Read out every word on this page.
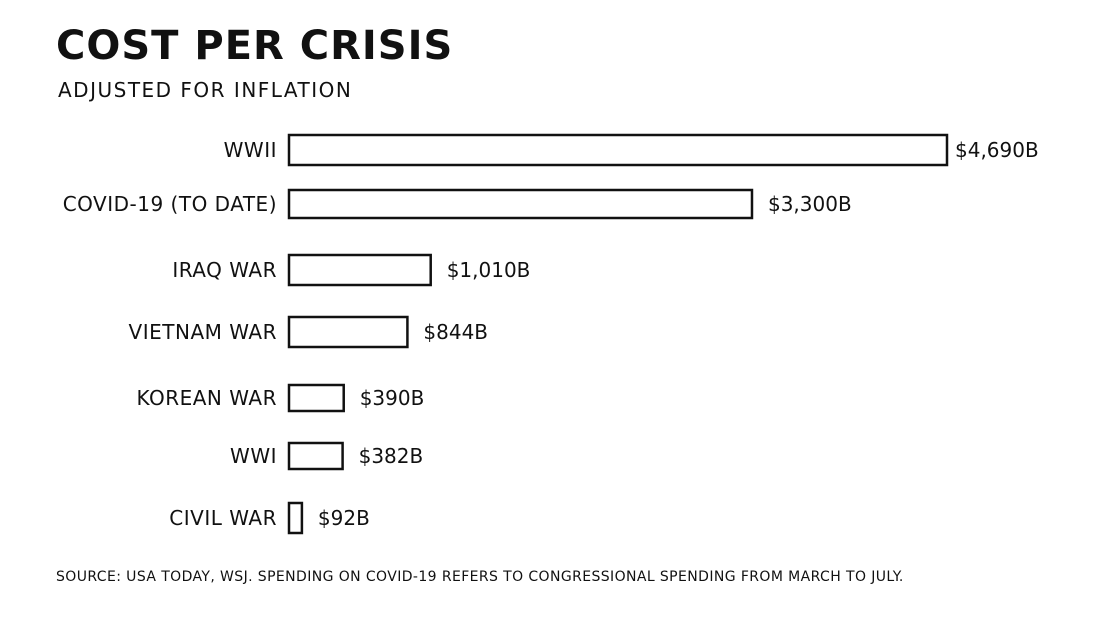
COST PER CRISIS

ADJUSTED FOR INFLATION

WWII	$4,690B
COVID-19 (TO DATE)	$3,300B
IRAQ WAR	$1,010B
VIETNAM WAR	$844B
KOREAN WAR	$390B
WWI	$382B
CIVIL WAR $92B

SOURCE: USA TODAY, WSJ. SPENDING ON COVID-19 REFERS TO CONGRESSIONAL SPENDING FROM MARCH TO JULY.
